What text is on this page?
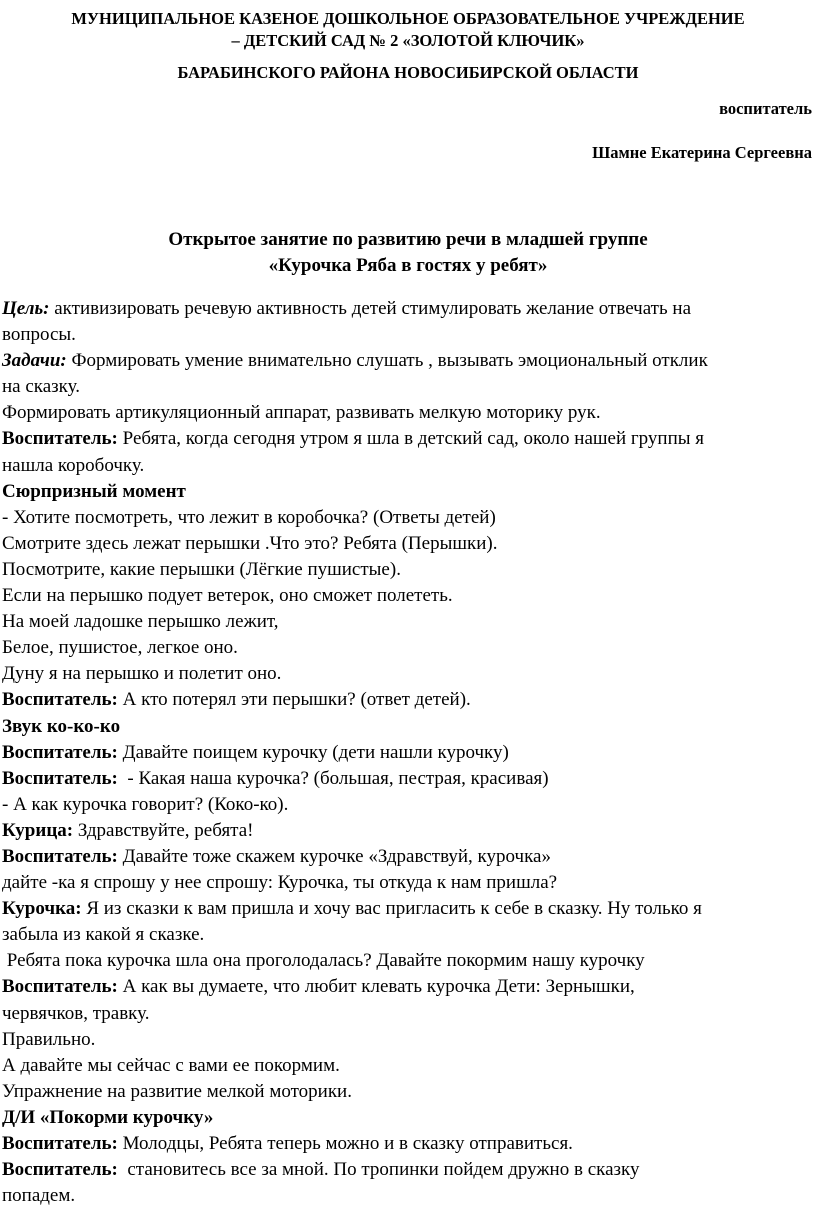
МУНИЦИПАЛЬНОЕ КАЗЕНОЕ ДОШКОЛЬНОЕ ОБРАЗОВАТЕЛЬНОЕ УЧРЕЖДЕНИЕ
– ДЕТСКИЙ САД № 2 «ЗОЛОТОЙ КЛЮЧИК»
БАРАБИНСКОГО РАЙОНА НОВОСИБИРСКОЙ ОБЛАСТИ
воспитатель
Шамне Екатерина Сергеевна
Открытое занятие по развитию речи в младшей группе
«Курочка Ряба в гостях у ребят»
Цель: активизировать речевую активность детей стимулировать желание отвечать на
вопросы.
Задачи: Формировать умение внимательно слушать , вызывать эмоциональный отклик
на сказку.
Формировать артикуляционный аппарат, развивать мелкую моторику рук.
Воспитатель: Ребята, когда сегодня утром я шла в детский сад, около нашей группы я
нашла коробочку.
Сюрпризный момент
- Хотите посмотреть, что лежит в коробочка? (Ответы детей)
Смотрите здесь лежат перышки .Что это? Ребята (Перышки).
Посмотрите, какие перышки (Лёгкие пушистые).
Если на перышко подует ветерок, оно сможет полететь.
На моей ладошке перышко лежит,
Белое, пушистое, легкое оно.
Дуну я на перышко и полетит оно.
Воспитатель: А кто потерял эти перышки? (ответ детей).
Звук ко-ко-ко
Воспитатель: Давайте поищем курочку (дети нашли курочку)
Воспитатель:  - Какая наша курочка? (большая, пестрая, красивая)
- А как курочка говорит? (Коко-ко).
Курица: Здравствуйте, ребята!
Воспитатель: Давайте тоже скажем курочке «Здравствуй, курочка»
дайте -ка я спрошу у нее спрошу: Курочка, ты откуда к нам пришла?
Курочка: Я из сказки к вам пришла и хочу вас пригласить к себе в сказку. Ну только я
забыла из какой я сказке.
Ребята пока курочка шла она проголодалась? Давайте покормим нашу курочку
Воспитатель: А как вы думаете, что любит клевать курочка Дети: Зернышки,
червячков, травку.
Правильно.
А давайте мы сейчас с вами ее покормим.
Упражнение на развитие мелкой моторики.
Д/И «Покорми курочку»
Воспитатель: Молодцы, Ребята теперь можно и в сказку отправиться.
Воспитатель:  становитесь все за мной. По тропинки пойдем дружно в сказку
попадем.
